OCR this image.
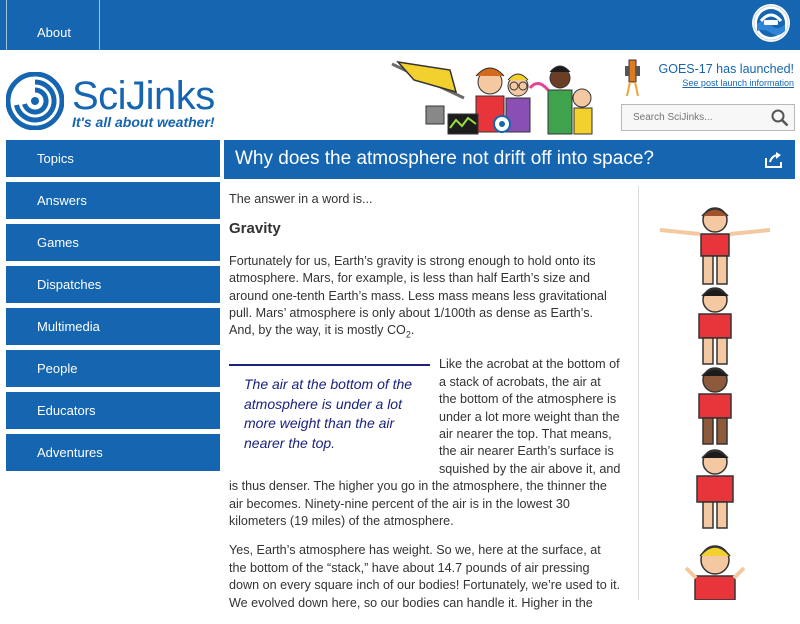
About
SciJinks
It's all about weather!
GOES-17 has launched!
See post launch information
Search SciJinks...
Topics
Answers
Games
Dispatches
Multimedia
People
Educators
Adventures
Why does the atmosphere not drift off into space?

The answer in a word is...

Gravity

Fortunately for us, Earth’s gravity is strong enough to hold onto its atmosphere. Mars, for example, is less than half Earth’s size and around one-tenth Earth’s mass. Less mass means less gravitational pull. Mars’ atmosphere is only about 1/100th as dense as Earth’s. And, by the way, it is mostly $CO_2$.

The air at the bottom of the atmosphere is under a lot more weight than the air nearer the top.

Like the acrobat at the bottom of a stack of acrobats, the air at the bottom of the atmosphere is under a lot more weight than the air nearer the top. That means, the air nearer Earth’s surface is squished by the air above it, and is thus denser. The higher you go in the atmosphere, the thinner the air becomes. Ninety-nine percent of the air is in the lowest 30 kilometers (19 miles) of the atmosphere.

Yes, Earth’s atmosphere has weight. So we, here at the surface, at the bottom of the “stack,” have about 14.7 pounds of air pressing down on every square inch of our bodies! Fortunately, we’re used to it. We evolved down here, so our bodies can handle it. Higher in the
